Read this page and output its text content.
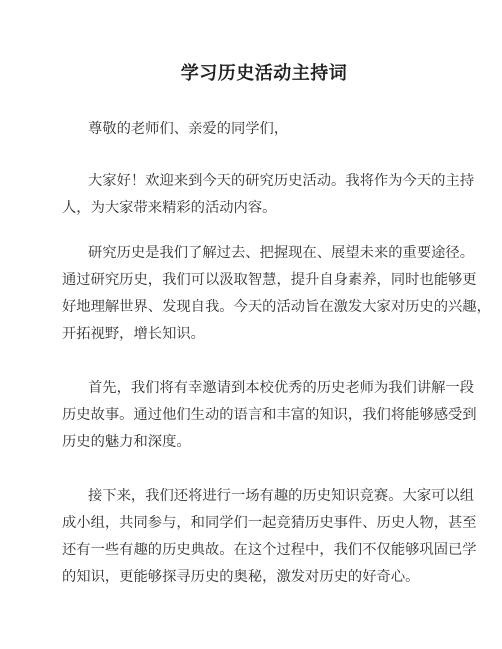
学习历史活动主持词
尊敬的老师们、亲爱的同学们，
大家好！欢迎来到今天的研究历史活动。我将作为今天的主持
人，为大家带来精彩的活动内容。
研究历史是我们了解过去、把握现在、展望未来的重要途径。
通过研究历史，我们可以汲取智慧，提升自身素养，同时也能够更
好地理解世界、发现自我。今天的活动旨在激发大家对历史的兴趣，
开拓视野，增长知识。
首先，我们将有幸邀请到本校优秀的历史老师为我们讲解一段
历史故事。通过他们生动的语言和丰富的知识，我们将能够感受到
历史的魅力和深度。
接下来，我们还将进行一场有趣的历史知识竞赛。大家可以组
成小组，共同参与，和同学们一起竞猜历史事件、历史人物，甚至
还有一些有趣的历史典故。在这个过程中，我们不仅能够巩固已学
的知识，更能够探寻历史的奥秘，激发对历史的好奇心。
